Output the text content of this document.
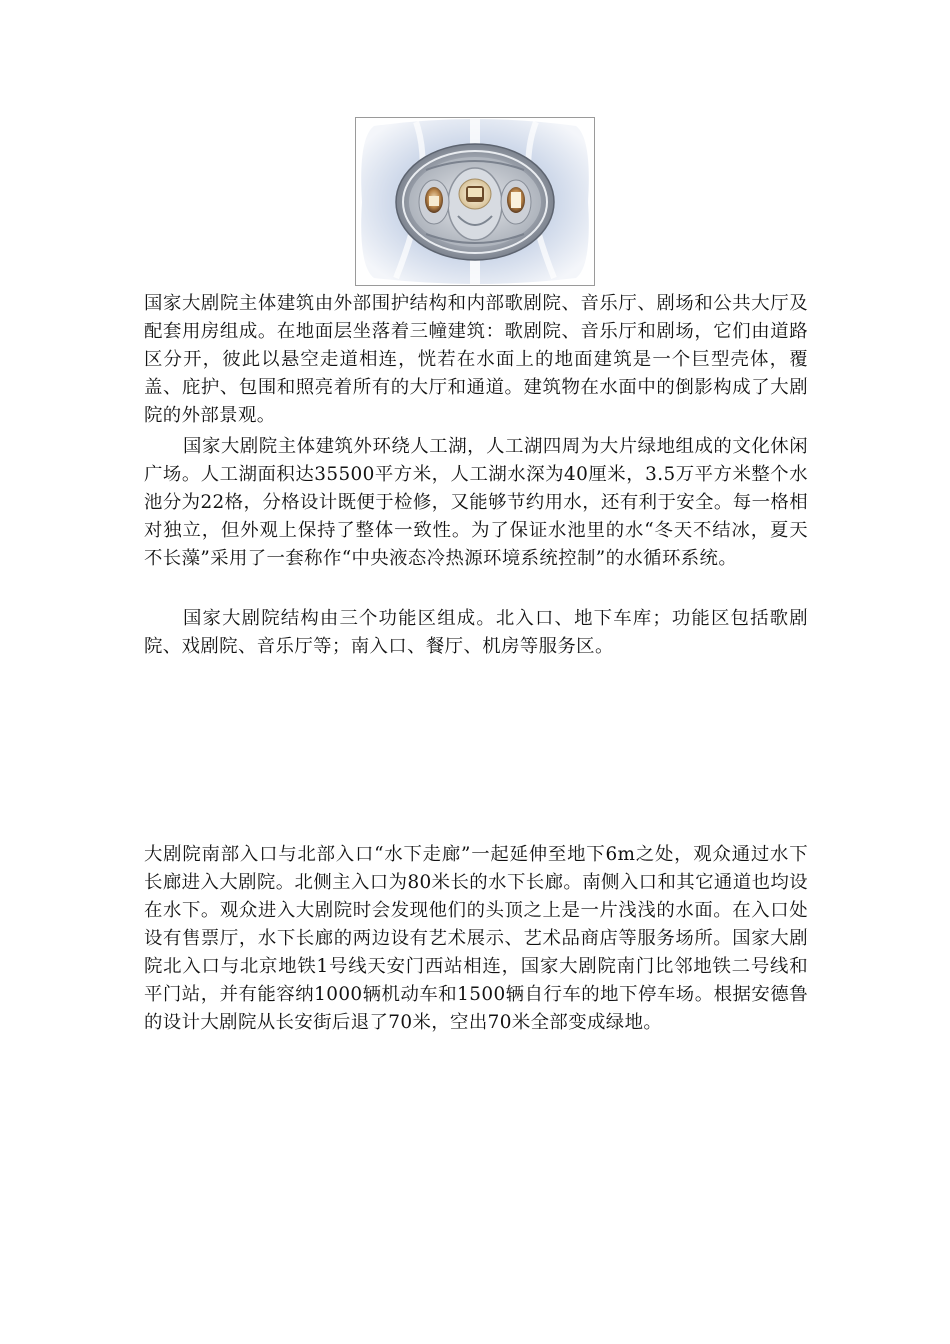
国家大剧院主体建筑由外部围护结构和内部歌剧院、音乐厅、剧场和公共大厅及配套用房组成。在地面层坐落着三幢建筑：歌剧院、音乐厅和剧场，它们由道路区分开，彼此以悬空走道相连，恍若在水面上的地面建筑是一个巨型壳体，覆盖、庇护、包围和照亮着所有的大厅和通道。建筑物在水面中的倒影构成了大剧院的外部景观。

国家大剧院主体建筑外环绕人工湖，人工湖四周为大片绿地组成的文化休闲广场。人工湖面积达35500平方米，人工湖水深为40厘米，3.5万平方米整个水池分为22格，分格设计既便于检修，又能够节约用水，还有利于安全。每一格相对独立，但外观上保持了整体一致性。为了保证水池里的水“冬天不结冰，夏天不长藻”采用了一套称作“中央液态冷热源环境系统控制”的水循环系统。

国家大剧院结构由三个功能区组成。北入口、地下车库；功能区包括歌剧院、戏剧院、音乐厅等；南入口、餐厅、机房等服务区。

大剧院南部入口与北部入口“水下走廊”一起延伸至地下6m之处，观众通过水下长廊进入大剧院。北侧主入口为80米长的水下长廊。南侧入口和其它通道也均设在水下。观众进入大剧院时会发现他们的头顶之上是一片浅浅的水面。在入口处设有售票厅，水下长廊的两边设有艺术展示、艺术品商店等服务场所。国家大剧院北入口与北京地铁1号线天安门西站相连，国家大剧院南门比邻地铁二号线和平门站，并有能容纳1000辆机动车和1500辆自行车的地下停车场。根据安德鲁的设计大剧院从长安街后退了70米，空出70米全部变成绿地。
